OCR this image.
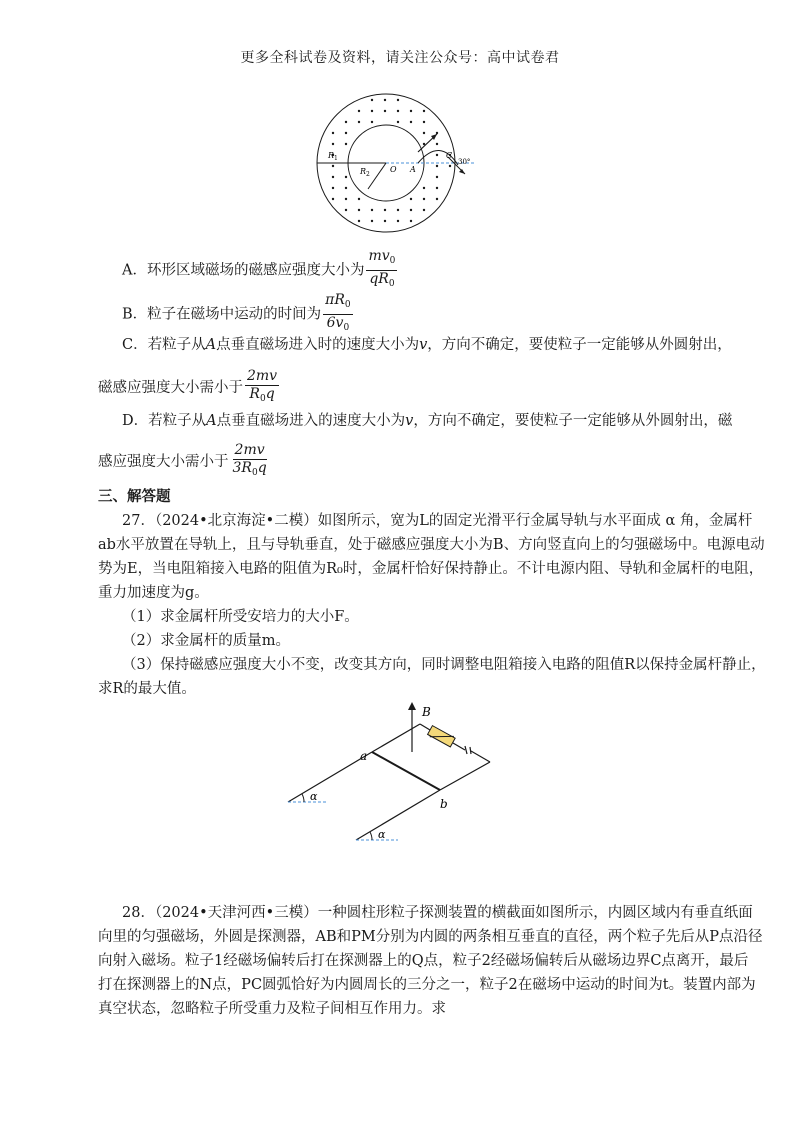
更多全科试卷及资料，请关注公众号：高中试卷君
R 1
R 2
O A
C
30°
A．环形区域磁场的磁感应强度大小为 $\frac{mv_0}{qR_0}$
B．粒子在磁场中运动的时间为 $\frac{\pi R_0}{6v_0}$
C．若粒子从A点垂直磁场进入时的速度大小为v，方向不确定，要使粒子一定能够从外圆射出，
磁感应强度大小需小于 $\frac{2mv}{R_0q}$
D．若粒子从A点垂直磁场进入的速度大小为v，方向不确定，要使粒子一定能够从外圆射出，磁
感应强度大小需小于 $\frac{2mv}{3R_0q}$
三、解答题
27．（2024•北京海淀•二模）如图所示，宽为L的固定光滑平行金属导轨与水平面成 α 角，金属杆
ab水平放置在导轨上，且与导轨垂直，处于磁感应强度大小为B、方向竖直向上的匀强磁场中。电源电动
势为E，当电阻箱接入电路的阻值为R₀时，金属杆恰好保持静止。不计电源内阻、导轨和金属杆的电阻，
重力加速度为g。
（1）求金属杆所受安培力的大小F。
（2）求金属杆的质量m。
（3）保持磁感应强度大小不变，改变其方向，同时调整电阻箱接入电路的阻值R以保持金属杆静止，
求R的最大值。
B
α
α
a
b
28．（2024•天津河西•三模）一种圆柱形粒子探测装置的横截面如图所示，内圆区域内有垂直纸面
向里的匀强磁场，外圆是探测器，AB和PM分别为内圆的两条相互垂直的直径，两个粒子先后从P点沿径
向射入磁场。粒子1经磁场偏转后打在探测器上的Q点，粒子2经磁场偏转后从磁场边界C点离开，最后
打在探测器上的N点，PC圆弧恰好为内圆周长的三分之一，粒子2在磁场中运动的时间为t。装置内部为
真空状态，忽略粒子所受重力及粒子间相互作用力。求
